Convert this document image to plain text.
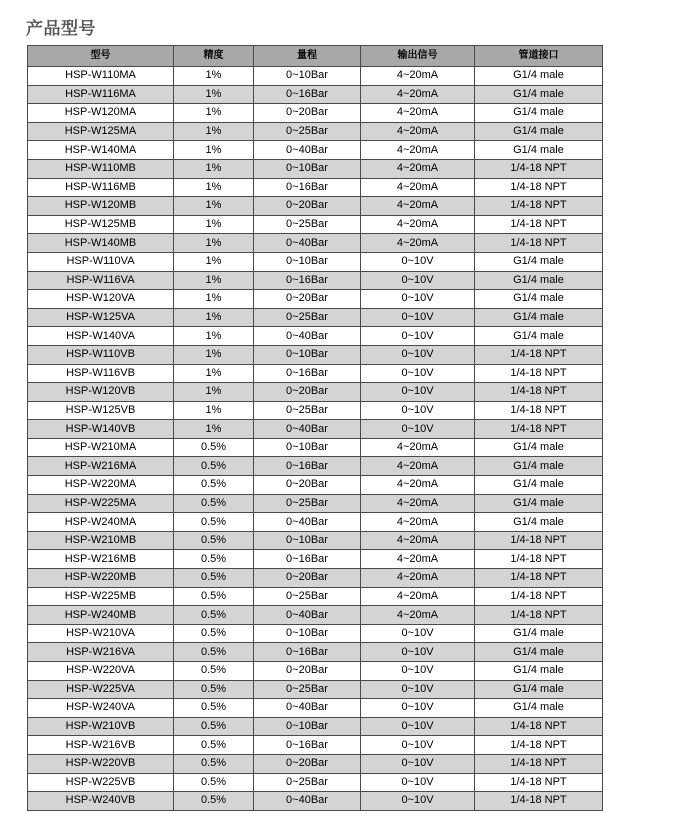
产品型号
型号	精度	量程	输出信号	管道接口
HSP-W110MA	1%	0~10Bar	4~20mA	G1/4 male
HSP-W116MA	1%	0~16Bar	4~20mA	G1/4 male
HSP-W120MA	1%	0~20Bar	4~20mA	G1/4 male
HSP-W125MA	1%	0~25Bar	4~20mA	G1/4 male
HSP-W140MA	1%	0~40Bar	4~20mA	G1/4 male
HSP-W110MB	1%	0~10Bar	4~20mA	1/4-18 NPT
HSP-W116MB	1%	0~16Bar	4~20mA	1/4-18 NPT
HSP-W120MB	1%	0~20Bar	4~20mA	1/4-18 NPT
HSP-W125MB	1%	0~25Bar	4~20mA	1/4-18 NPT
HSP-W140MB	1%	0~40Bar	4~20mA	1/4-18 NPT
HSP-W110VA	1%	0~10Bar	0~10V	G1/4 male
HSP-W116VA	1%	0~16Bar	0~10V	G1/4 male
HSP-W120VA	1%	0~20Bar	0~10V	G1/4 male
HSP-W125VA	1%	0~25Bar	0~10V	G1/4 male
HSP-W140VA	1%	0~40Bar	0~10V	G1/4 male
HSP-W110VB	1%	0~10Bar	0~10V	1/4-18 NPT
HSP-W116VB	1%	0~16Bar	0~10V	1/4-18 NPT
HSP-W120VB	1%	0~20Bar	0~10V	1/4-18 NPT
HSP-W125VB	1%	0~25Bar	0~10V	1/4-18 NPT
HSP-W140VB	1%	0~40Bar	0~10V	1/4-18 NPT
HSP-W210MA	0.5%	0~10Bar	4~20mA	G1/4 male
HSP-W216MA	0.5%	0~16Bar	4~20mA	G1/4 male
HSP-W220MA	0.5%	0~20Bar	4~20mA	G1/4 male
HSP-W225MA	0.5%	0~25Bar	4~20mA	G1/4 male
HSP-W240MA	0.5%	0~40Bar	4~20mA	G1/4 male
HSP-W210MB	0.5%	0~10Bar	4~20mA	1/4-18 NPT
HSP-W216MB	0.5%	0~16Bar	4~20mA	1/4-18 NPT
HSP-W220MB	0.5%	0~20Bar	4~20mA	1/4-18 NPT
HSP-W225MB	0.5%	0~25Bar	4~20mA	1/4-18 NPT
HSP-W240MB	0.5%	0~40Bar	4~20mA	1/4-18 NPT
HSP-W210VA	0.5%	0~10Bar	0~10V	G1/4 male
HSP-W216VA	0.5%	0~16Bar	0~10V	G1/4 male
HSP-W220VA	0.5%	0~20Bar	0~10V	G1/4 male
HSP-W225VA	0.5%	0~25Bar	0~10V	G1/4 male
HSP-W240VA	0.5%	0~40Bar	0~10V	G1/4 male
HSP-W210VB	0.5%	0~10Bar	0~10V	1/4-18 NPT
HSP-W216VB	0.5%	0~16Bar	0~10V	1/4-18 NPT
HSP-W220VB	0.5%	0~20Bar	0~10V	1/4-18 NPT
HSP-W225VB	0.5%	0~25Bar	0~10V	1/4-18 NPT
HSP-W240VB	0.5%	0~40Bar	0~10V	1/4-18 NPT
